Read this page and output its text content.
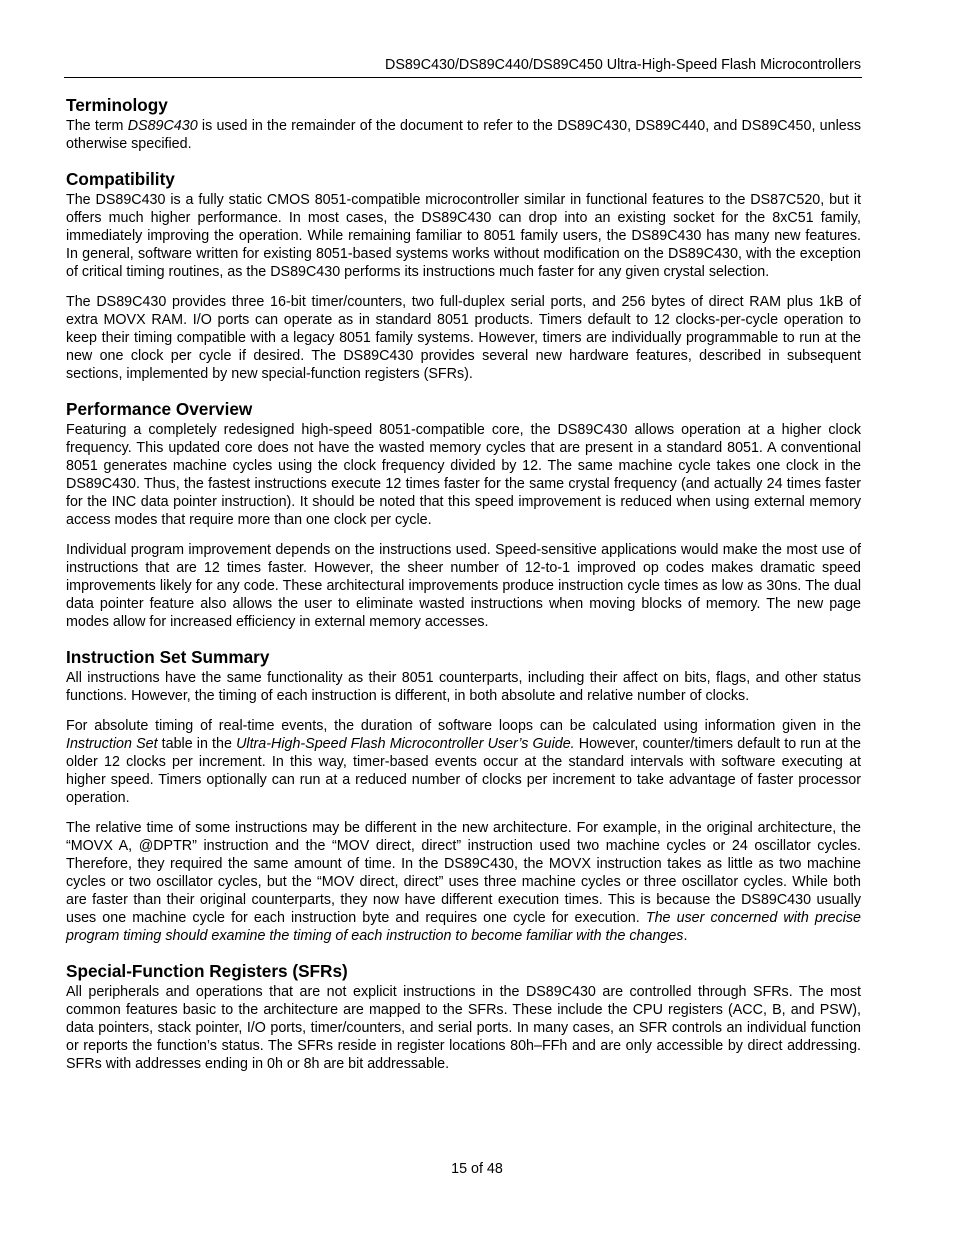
DS89C430/DS89C440/DS89C450 Ultra-High-Speed Flash Microcontrollers
Terminology

The term DS89C430 is used in the remainder of the document to refer to the DS89C430, DS89C440, and DS89C450, unless otherwise specified.

Compatibility

The DS89C430 is a fully static CMOS 8051-compatible microcontroller similar in functional features to the DS87C520, but it offers much higher performance. In most cases, the DS89C430 can drop into an existing socket for the 8xC51 family, immediately improving the operation. While remaining familiar to 8051 family users, the DS89C430 has many new features. In general, software written for existing 8051-based systems works without modification on the DS89C430, with the exception of critical timing routines, as the DS89C430 performs its instructions much faster for any given crystal selection.

The DS89C430 provides three 16-bit timer/counters, two full-duplex serial ports, and 256 bytes of direct RAM plus 1kB of extra MOVX RAM. I/O ports can operate as in standard 8051 products. Timers default to 12 clocks-per-cycle operation to keep their timing compatible with a legacy 8051 family systems. However, timers are individually programmable to run at the new one clock per cycle if desired. The DS89C430 provides several new hardware features, described in subsequent sections, implemented by new special-function registers (SFRs).

Performance Overview

Featuring a completely redesigned high-speed 8051-compatible core, the DS89C430 allows operation at a higher clock frequency. This updated core does not have the wasted memory cycles that are present in a standard 8051. A conventional 8051 generates machine cycles using the clock frequency divided by 12. The same machine cycle takes one clock in the DS89C430. Thus, the fastest instructions execute 12 times faster for the same crystal frequency (and actually 24 times faster for the INC data pointer instruction). It should be noted that this speed improvement is reduced when using external memory access modes that require more than one clock per cycle.

Individual program improvement depends on the instructions used. Speed-sensitive applications would make the most use of instructions that are 12 times faster. However, the sheer number of 12-to-1 improved op codes makes dramatic speed improvements likely for any code. These architectural improvements produce instruction cycle times as low as 30ns. The dual data pointer feature also allows the user to eliminate wasted instructions when moving blocks of memory. The new page modes allow for increased efficiency in external memory accesses.

Instruction Set Summary

All instructions have the same functionality as their 8051 counterparts, including their affect on bits, flags, and other status functions. However, the timing of each instruction is different, in both absolute and relative number of clocks.

For absolute timing of real-time events, the duration of software loops can be calculated using information given in the Instruction Set table in the Ultra-High-Speed Flash Microcontroller User’s Guide. However, counter/timers default to run at the older 12 clocks per increment. In this way, timer-based events occur at the standard intervals with software executing at higher speed. Timers optionally can run at a reduced number of clocks per increment to take advantage of faster processor operation.

The relative time of some instructions may be different in the new architecture. For example, in the original architecture, the “MOVX A, @DPTR” instruction and the “MOV direct, direct” instruction used two machine cycles or 24 oscillator cycles. Therefore, they required the same amount of time. In the DS89C430, the MOVX instruction takes as little as two machine cycles or two oscillator cycles, but the “MOV direct, direct” uses three machine cycles or three oscillator cycles. While both are faster than their original counterparts, they now have different execution times. This is because the DS89C430 usually uses one machine cycle for each instruction byte and requires one cycle for execution. The user concerned with precise program timing should examine the timing of each instruction to become familiar with the changes.

Special-Function Registers (SFRs)

All peripherals and operations that are not explicit instructions in the DS89C430 are controlled through SFRs. The most common features basic to the architecture are mapped to the SFRs. These include the CPU registers (ACC, B, and PSW), data pointers, stack pointer, I/O ports, timer/counters, and serial ports. In many cases, an SFR controls an individual function or reports the function’s status. The SFRs reside in register locations 80h–FFh and are only accessible by direct addressing. SFRs with addresses ending in 0h or 8h are bit addressable.

15 of 48
